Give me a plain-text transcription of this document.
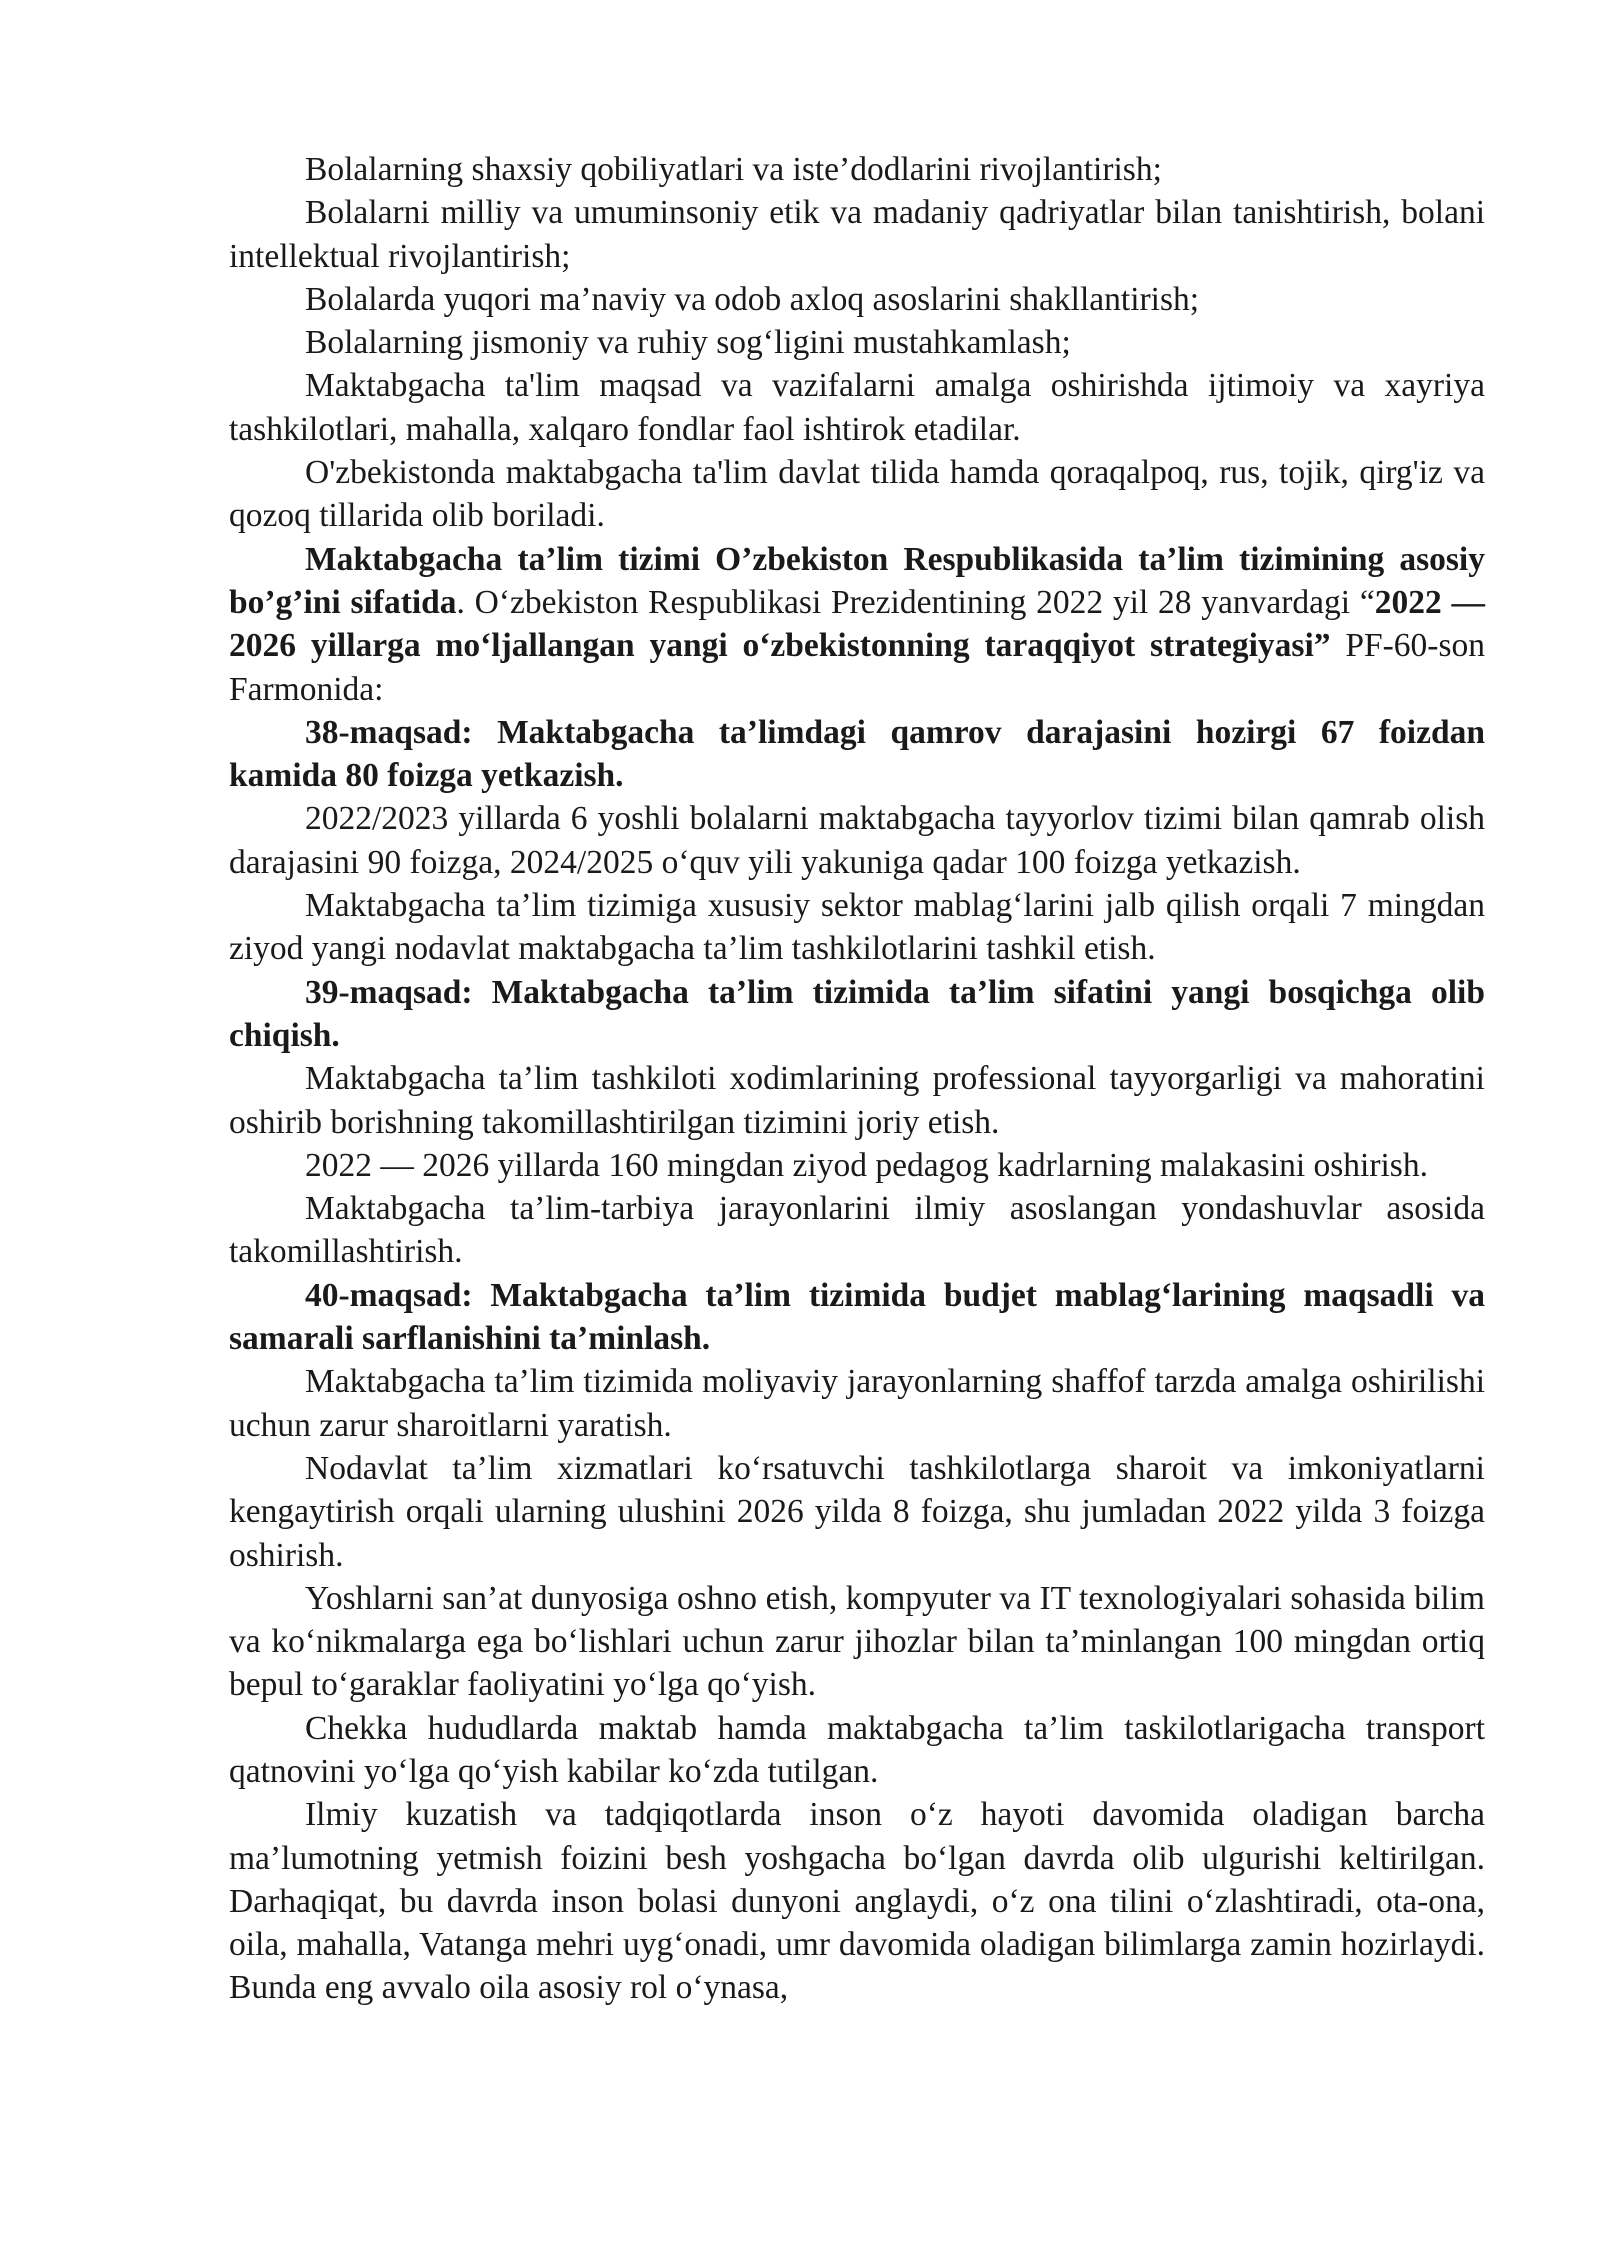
Bolalarning shaxsiy qobiliyatlari va iste’dodlarini rivojlantirish;

Bolalarni milliy va umuminsoniy etik va madaniy qadriyatlar bilan tanishtirish, bolani intellektual rivojlantirish;

Bolalarda yuqori ma’naviy va odob axloq asoslarini shakllantirish;

Bolalarning jismoniy va ruhiy sog‘ligini mustahkamlash;

Maktabgacha ta'lim maqsad va vazifalarni amalga oshirishda ijtimoiy va xayriya tashkilotlari, mahalla, xalqaro fondlar faol ishtirok etadilar.

O'zbekistonda maktabgacha ta'lim davlat tilida hamda qoraqalpoq, rus, tojik, qirg'iz va qozoq tillarida olib boriladi.

Maktabgacha ta’lim tizimi O’zbekiston Respublikasida ta’lim tizimining asosiy bo’g’ini sifatida. O‘zbekiston Respublikasi Prezidentining 2022 yil 28 yanvardagi “2022 — 2026 yillarga mo‘ljallangan yangi o‘zbekistonning taraqqiyot strategiyasi” PF-60-son Farmonida:

38-maqsad: Maktabgacha ta’limdagi qamrov darajasini hozirgi 67 foizdan kamida 80 foizga yetkazish.

2022/2023 yillarda 6 yoshli bolalarni maktabgacha tayyorlov tizimi bilan qamrab olish darajasini 90 foizga, 2024/2025 o‘quv yili yakuniga qadar 100 foizga yetkazish.

Maktabgacha ta’lim tizimiga xususiy sektor mablag‘larini jalb qilish orqali 7 mingdan ziyod yangi nodavlat maktabgacha ta’lim tashkilotlarini tashkil etish.

39-maqsad: Maktabgacha ta’lim tizimida ta’lim sifatini yangi bosqichga olib chiqish.

Maktabgacha ta’lim tashkiloti xodimlarining professional tayyorgarligi va mahoratini oshirib borishning takomillashtirilgan tizimini joriy etish.

2022 — 2026 yillarda 160 mingdan ziyod pedagog kadrlarning malakasini oshirish.

Maktabgacha ta’lim-tarbiya jarayonlarini ilmiy asoslangan yondashuvlar asosida takomillashtirish.

40-maqsad: Maktabgacha ta’lim tizimida budjet mablag‘larining maqsadli va samarali sarflanishini ta’minlash.

Maktabgacha ta’lim tizimida moliyaviy jarayonlarning shaffof tarzda amalga oshirilishi uchun zarur sharoitlarni yaratish.

Nodavlat ta’lim xizmatlari ko‘rsatuvchi tashkilotlarga sharoit va imkoniyatlarni kengaytirish orqali ularning ulushini 2026 yilda 8 foizga, shu jumladan 2022 yilda 3 foizga oshirish.

Yoshlarni san’at dunyosiga oshno etish, kompyuter va IT texnologiyalari sohasida bilim va ko‘nikmalarga ega bo‘lishlari uchun zarur jihozlar bilan ta’minlangan 100 mingdan ortiq bepul to‘garaklar faoliyatini yo‘lga qo‘yish.

Chekka hududlarda maktab hamda maktabgacha ta’lim taskilotlarigacha transport qatnovini yo‘lga qo‘yish kabilar ko‘zda tutilgan.

Ilmiy kuzatish va tadqiqotlarda inson o‘z hayoti davomida oladigan barcha ma’lumotning yetmish foizini besh yoshgacha bo‘lgan davrda olib ulgurishi keltirilgan. Darhaqiqat, bu davrda inson bolasi dunyoni anglaydi, o‘z ona tilini o‘zlashtiradi, ota-ona, oila, mahalla, Vatanga mehri uyg‘onadi, umr davomida oladigan bilimlarga zamin hozirlaydi. Bunda eng avvalo oila asosiy rol o‘ynasa,
